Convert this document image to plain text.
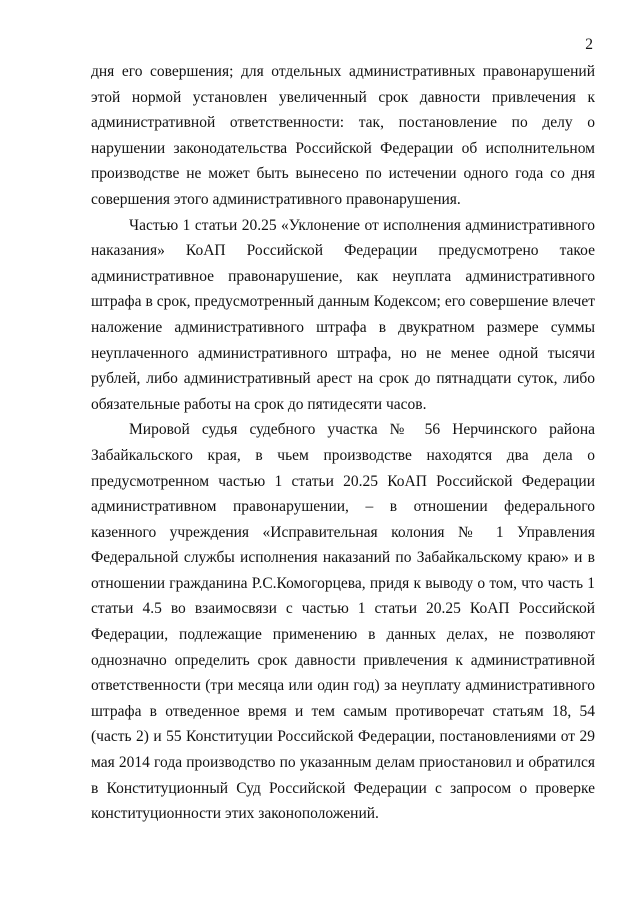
2

дня его совершения; для отдельных административных правонарушений этой нормой установлен увеличенный срок давности привлечения к административной ответственности: так, постановление по делу о нарушении законодательства Российской Федерации об исполнительном производстве не может быть вынесено по истечении одного года со дня совершения этого административного правонарушения.

Частью 1 статьи 20.25 «Уклонение от исполнения административного наказания» КоАП Российской Федерации предусмотрено такое административное правонарушение, как неуплата административного штрафа в срок, предусмотренный данным Кодексом; его совершение влечет наложение административного штрафа в двукратном размере суммы неуплаченного административного штрафа, но не менее одной тысячи рублей, либо административный арест на срок до пятнадцати суток, либо обязательные работы на срок до пятидесяти часов.

Мировой судья судебного участка № 56 Нерчинского района Забайкальского края, в чьем производстве находятся два дела о предусмотренном частью 1 статьи 20.25 КоАП Российской Федерации административном правонарушении, – в отношении федерального казенного учреждения «Исправительная колония № 1 Управления Федеральной службы исполнения наказаний по Забайкальскому краю» и в отношении гражданина Р.С.Комогорцева, придя к выводу о том, что часть 1 статьи 4.5 во взаимосвязи с частью 1 статьи 20.25 КоАП Российской Федерации, подлежащие применению в данных делах, не позволяют однозначно определить срок давности привлечения к административной ответственности (три месяца или один год) за неуплату административного штрафа в отведенное время и тем самым противоречат статьям 18, 54 (часть 2) и 55 Конституции Российской Федерации, постановлениями от 29 мая 2014 года производство по указанным делам приостановил и обратился в Конституционный Суд Российской Федерации с запросом о проверке конституционности этих законоположений.
